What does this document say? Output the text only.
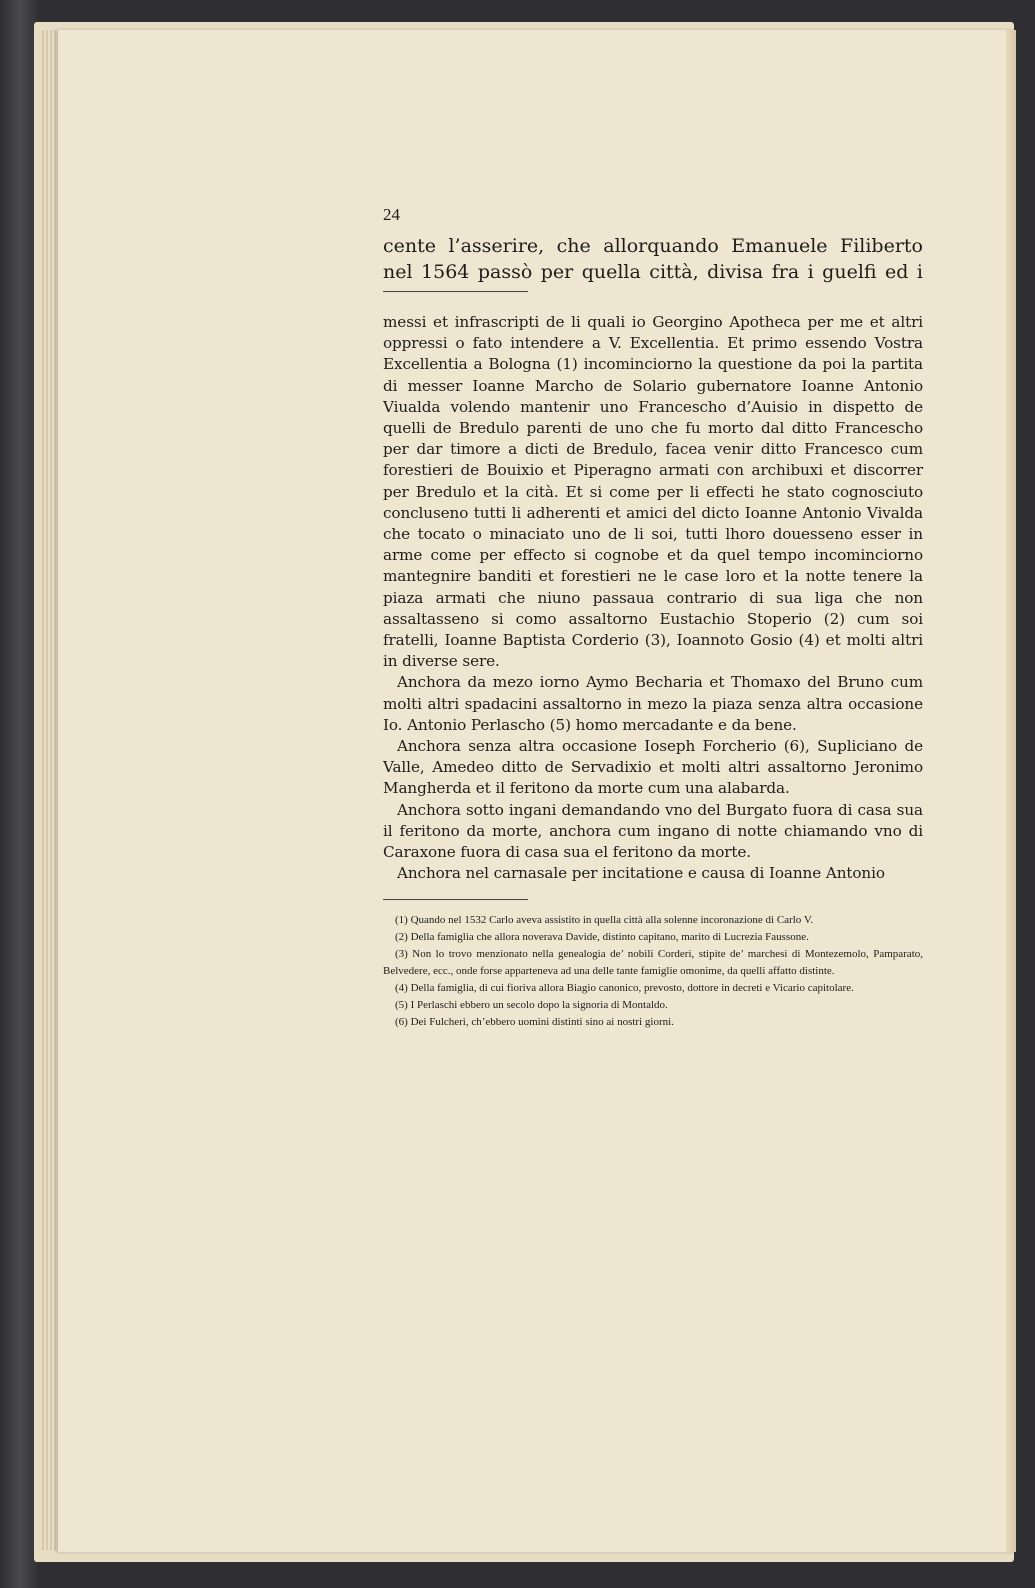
24

cente l’asserire, che allorquando Emanuele Filiberto

nel 1564 passò per quella città, divisa fra i guelfi ed i

messi et infrascripti de li quali io Georgino Apotheca per me et altri oppressi o fato intendere a V. Excellentia. Et primo essendo Vostra Excellentia a Bologna (1) incominciorno la questione da poi la partita di messer Ioanne Marcho de Solario gubernatore Ioanne Antonio Viualda volendo mantenir uno Francescho d’Auisio in dispetto de quelli de Bredulo parenti de uno che fu morto dal ditto Francescho per dar timore a dicti de Bredulo, facea venir ditto Francesco cum forestieri de Bouixio et Piperagno armati con archibuxi et discorrer per Bredulo et la cità. Et si come per li effecti he stato cognosciuto concluseno tutti li adherenti et amici del dicto Ioanne Antonio Vivalda che tocato o minaciato uno de li soi, tutti lhoro douesseno esser in arme come per effecto si cognobe et da quel tempo incominciorno mantegnire banditi et forestieri ne le case loro et la notte tenere la piaza armati che niuno passaua contrario di sua liga che non assaltasseno si como assaltorno Eustachio Stoperio (2) cum soi fratelli, Ioanne Baptista Corderio (3), Ioannoto Gosio (4) et molti altri in diverse sere.

Anchora da mezo iorno Aymo Becharia et Thomaxo del Bruno cum molti altri spadacini assaltorno in mezo la piaza senza altra occasione Io. Antonio Perlascho (5) homo mercadante e da bene.

Anchora senza altra occasione Ioseph Forcherio (6), Supliciano de Valle, Amedeo ditto de Servadixio et molti altri assaltorno Jeronimo Mangherda et il feritono da morte cum una alabarda.

Anchora sotto ingani demandando vno del Burgato fuora di casa sua il feritono da morte, anchora cum ingano di notte chiamando vno di Caraxone fuora di casa sua el feritono da morte.

Anchora nel carnasale per incitatione e causa di Ioanne Antonio

(1) Quando nel 1532 Carlo aveva assistito in quella città alla solenne incoronazione di Carlo V.

(2) Della famiglia che allora noverava Davide, distinto capitano, marito di Lucrezia Faussone.

(3) Non lo trovo menzionato nella genealogia de’ nobili Corderi, stipite de’ marchesi di Montezemolo, Pamparato, Belvedere, ecc., onde forse apparteneva ad una delle tante famiglie omonime, da quelli affatto distinte.

(4) Della famiglia, di cui fioriva allora Biagio canonico, prevosto, dottore in decreti e Vicario capitolare.

(5) I Perlaschi ebbero un secolo dopo la signoria di Montaldo.

(6) Dei Fulcheri, ch’ebbero uomini distinti sino ai nostri giorni.
